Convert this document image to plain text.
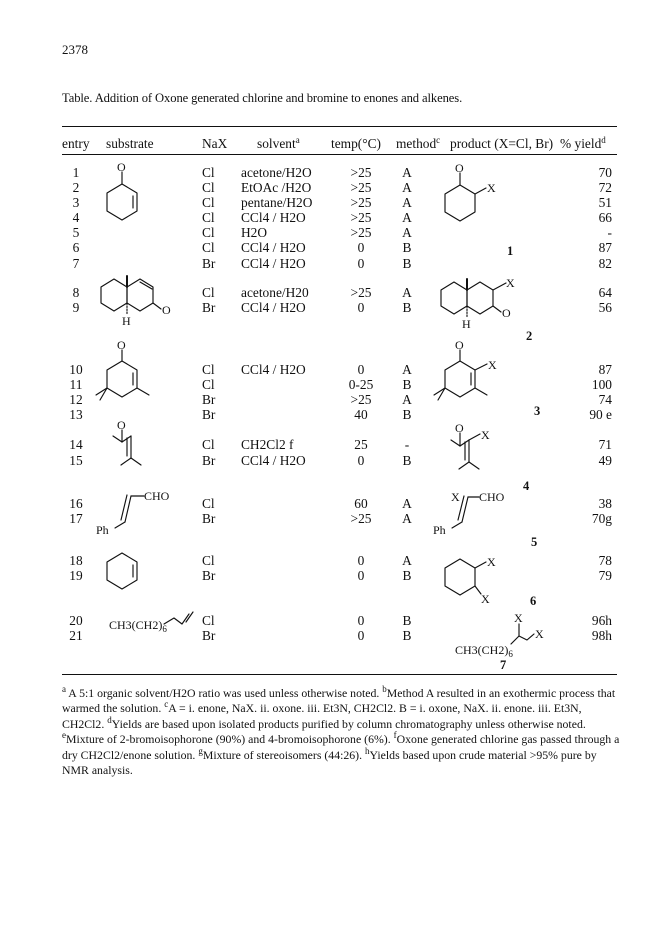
2378
Table. Addition of Oxone generated chlorine and bromine to enones and alkenes.
entry substrate	NaX solvent$^a$ temp(°C) method$^c$ product (X=Cl, Br) % yield$^d$
1	Cl acetone/H2O	>25	A	70
2	Cl EtOAc /H2O	>25	A	72
3	Cl pentane/H2O	>25	A	51
4	Cl CCl4 / H2O	>25	A	66
5	Cl H2O	>25	A	-
6	Cl CCl4 / H2O	0	B	87
7	Br CCl4 / H2O	0	B	82
8	Cl acetone/H20	>25	A	64
9	Br CCl4 / H2O	0	B	56
10	Cl CCl4 / H2O	0	A	87
11	Cl	0-25	B	100
12	Br	>25	A	74
13	Br	40	B	90 e
14	Cl CH2Cl2 f	25	-	71
15	Br CCl4 / H2O	0	B	49
16	Cl	60	A	38
17	Br	>25	A	70g
18	Cl	0	A	78
19	Br	0	B	79
20	Cl	0	B	96h
21	Br	0	B	98h
O	O
X
O
H
X
O
H
O	O
X
O	O X
CHO
Ph
X CHO
Ph
X
X
$CH3(CH2)_6$
X
X
$CH3(CH2)_6$
1
2
3
4
5
6
7
$^a$ A 5:1 organic solvent/H2O ratio was used unless otherwise noted. $^b$Method A resulted in an exothermic process that warmed the solution. $^c$A = i. enone, NaX. ii. oxone. iii. Et3N, CH2Cl2. B = i. oxone, NaX. ii. enone. iii. Et3N, CH2Cl2. $^d$Yields are based upon isolated products purified by column chromatography unless otherwise noted. $^e$Mixture of 2-bromoisophorone (90%) and 4-bromoisophorone (6%). $^f$Oxone generated chlorine gas passed through a dry CH2Cl2/enone solution. $^g$Mixture of stereoisomers (44:26). $^h$Yields based upon crude material >95% pure by NMR analysis.
